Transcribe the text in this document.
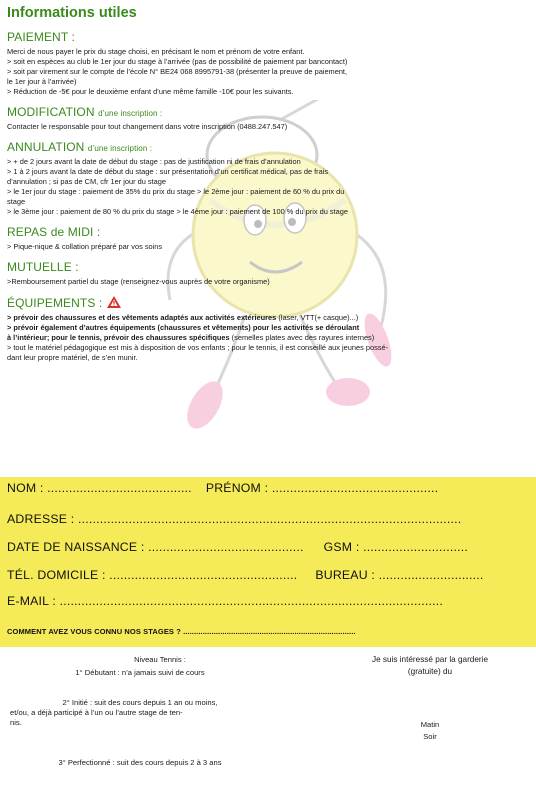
Informations utiles
PAIEMENT :

Merci de nous payer le prix du stage choisi, en précisant le nom et prénom de votre enfant.

> soit en espèces au club le 1er jour du stage à l’arrivée (pas de possibilité de paiement par bancontact)

> soit par virement sur le compte de l’école N° BE24 068 8995791-38 (présenter la preuve de paiement,

le 1er jour à l’arrivée)

> Réduction de -5€ pour le deuxième enfant d’une même famille -10€ pour les suivants.

MODIFICATION d’une inscription :

Contacter le responsable pour tout changement dans votre inscription (0488.247.547)

ANNULATION d’une inscription :

> + de 2 jours avant la date de début du stage : pas de justification ni de frais d’annulation

> 1 à 2 jours avant la date de début du stage : sur présentation d’un certificat médical, pas de frais

d’annulation ; si pas de CM, cfr 1er jour du stage

> le 1er jour du stage : paiement de 35% du prix du stage > le 2ème jour : paiement de 60 % du prix du

stage

> le 3ème jour : paiement de 80 % du prix du stage > le 4ème jour : paiement de 100 % du prix du stage

REPAS de MIDI :

> Pique-nique & collation préparé par vos soins

MUTUELLE :

>Remboursement partiel du stage (renseignez-vous auprès de votre organisme)

ÉQUIPEMENTS :

> prévoir des chaussures et des vêtements adaptés aux activités extérieures (laser, VTT(+ casque)...)

> prévoir également d’autres équipements (chaussures et vêtements) pour les activités se déroulant

à l’intérieur; pour le tennis, prévoir des chaussures spécifiques (semelles plates avec des rayures internes)

> tout le matériel pédagogique est mis à disposition de vos enfants ; pour le tennis, il est conseillé aux jeunes possé-

dant leur propre matériel, de s’en munir.

NOM : ........................................ PRÉNOM : ..............................................
ADRESSE : ..........................................................................................................
DATE DE NAISSANCE : ........................................... GSM : .............................
TÉL. DOMICILE : .................................................... BUREAU : .............................
E-MAIL : ..........................................................................................................
COMMENT AVEZ VOUS CONNU NOS STAGES ? ...............................................................................
Niveau Tennis :
1° Débutant : n’a jamais suivi de cours
2° Initié : suit des cours depuis 1 an ou moins,
et/ou, a déjà participé à l’un ou l’autre stage de ten-
nis.
3° Perfectionné : suit des cours depuis 2 à 3 ans
Je suis intéressé par la garderie
(gratuite) du
Matin
Soir
